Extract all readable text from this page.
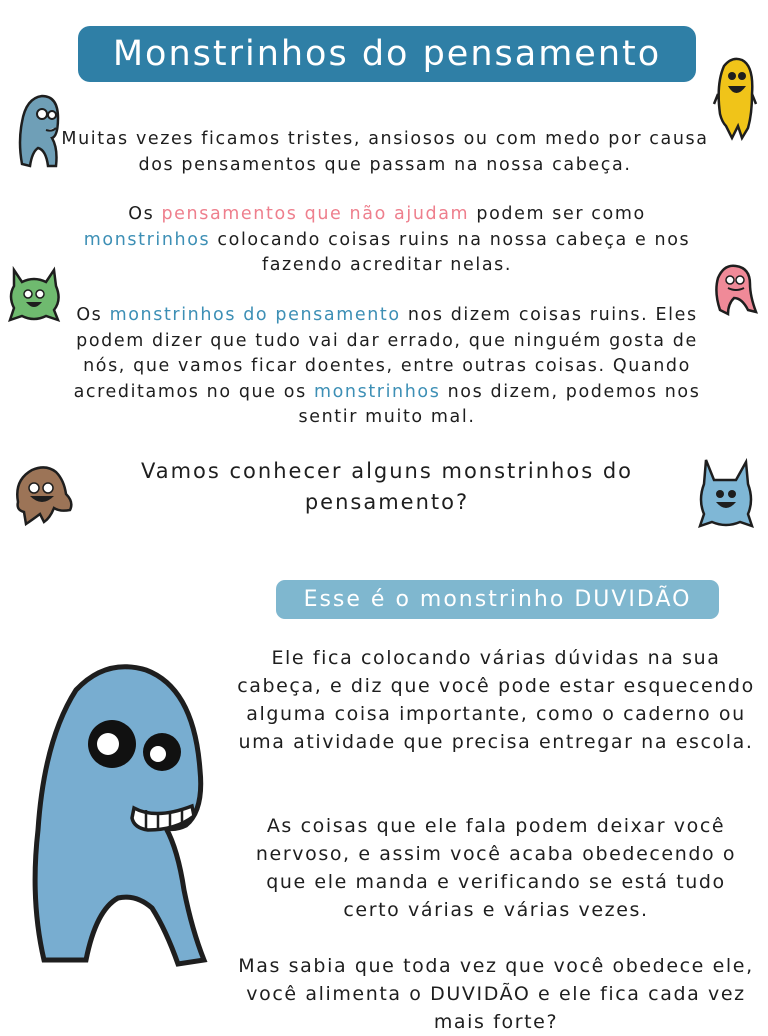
Monstrinhos do pensamento
Muitas vezes ficamos tristes, ansiosos ou com medo por causa dos pensamentos que passam na nossa cabeça.
Os pensamentos que não ajudam podem ser como monstrinhos colocando coisas ruins na nossa cabeça e nos fazendo acreditar nelas.
Os monstrinhos do pensamento nos dizem coisas ruins. Eles podem dizer que tudo vai dar errado, que ninguém gosta de nós, que vamos ficar doentes, entre outras coisas. Quando acreditamos no que os monstrinhos nos dizem, podemos nos sentir muito mal.
Vamos conhecer alguns monstrinhos do pensamento?
Esse é o monstrinho DUVIDÃO
Ele fica colocando várias dúvidas na sua cabeça, e diz que você pode estar esquecendo alguma coisa importante, como o caderno ou uma atividade que precisa entregar na escola.
As coisas que ele fala podem deixar você nervoso, e assim você acaba obedecendo o que ele manda e verificando se está tudo certo várias e várias vezes.
Mas sabia que toda vez que você obedece ele, você alimenta o DUVIDÃO e ele fica cada vez mais forte?
